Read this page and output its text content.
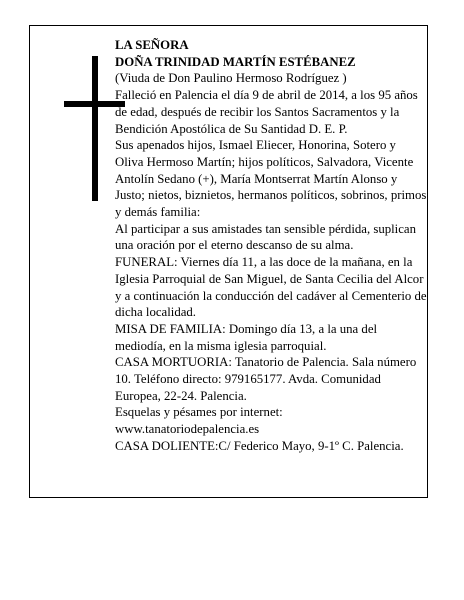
LA SEÑORA

DOÑA TRINIDAD MARTÍN ESTÉBANEZ

(Viuda de Don Paulino Hermoso Rodríguez )

Falleció en Palencia el día 9 de abril de 2014, a los 95 años de edad, después de recibir los Santos Sacramentos y la Bendición Apostólica de Su Santidad D. E. P.

Sus apenados hijos, Ismael Eliecer, Honorina, Sotero y Oliva Hermoso Martín; hijos políticos, Salvadora, Vicente Antolín Sedano (+), María Montserrat Martín Alonso y Justo; nietos, biznietos, hermanos políticos, sobrinos, primos y demás familia:

Al participar a sus amistades tan sensible pérdida, suplican una oración por el eterno descanso de su alma.

FUNERAL: Viernes día 11, a las doce de la mañana, en la Iglesia Parroquial de San Miguel, de Santa Cecilia del Alcor y a continuación la conducción del cadáver al Cementerio de dicha localidad.

MISA DE FAMILIA: Domingo día 13, a la una del mediodía, en la misma iglesia parroquial.

CASA MORTUORIA: Tanatorio de Palencia. Sala número 10. Teléfono directo: 979165177. Avda. Comunidad Europea, 22-24. Palencia.

Esquelas y pésames por internet: www.tanatoriodepalencia.es

CASA DOLIENTE:C/ Federico Mayo, 9-1º C. Palencia.
